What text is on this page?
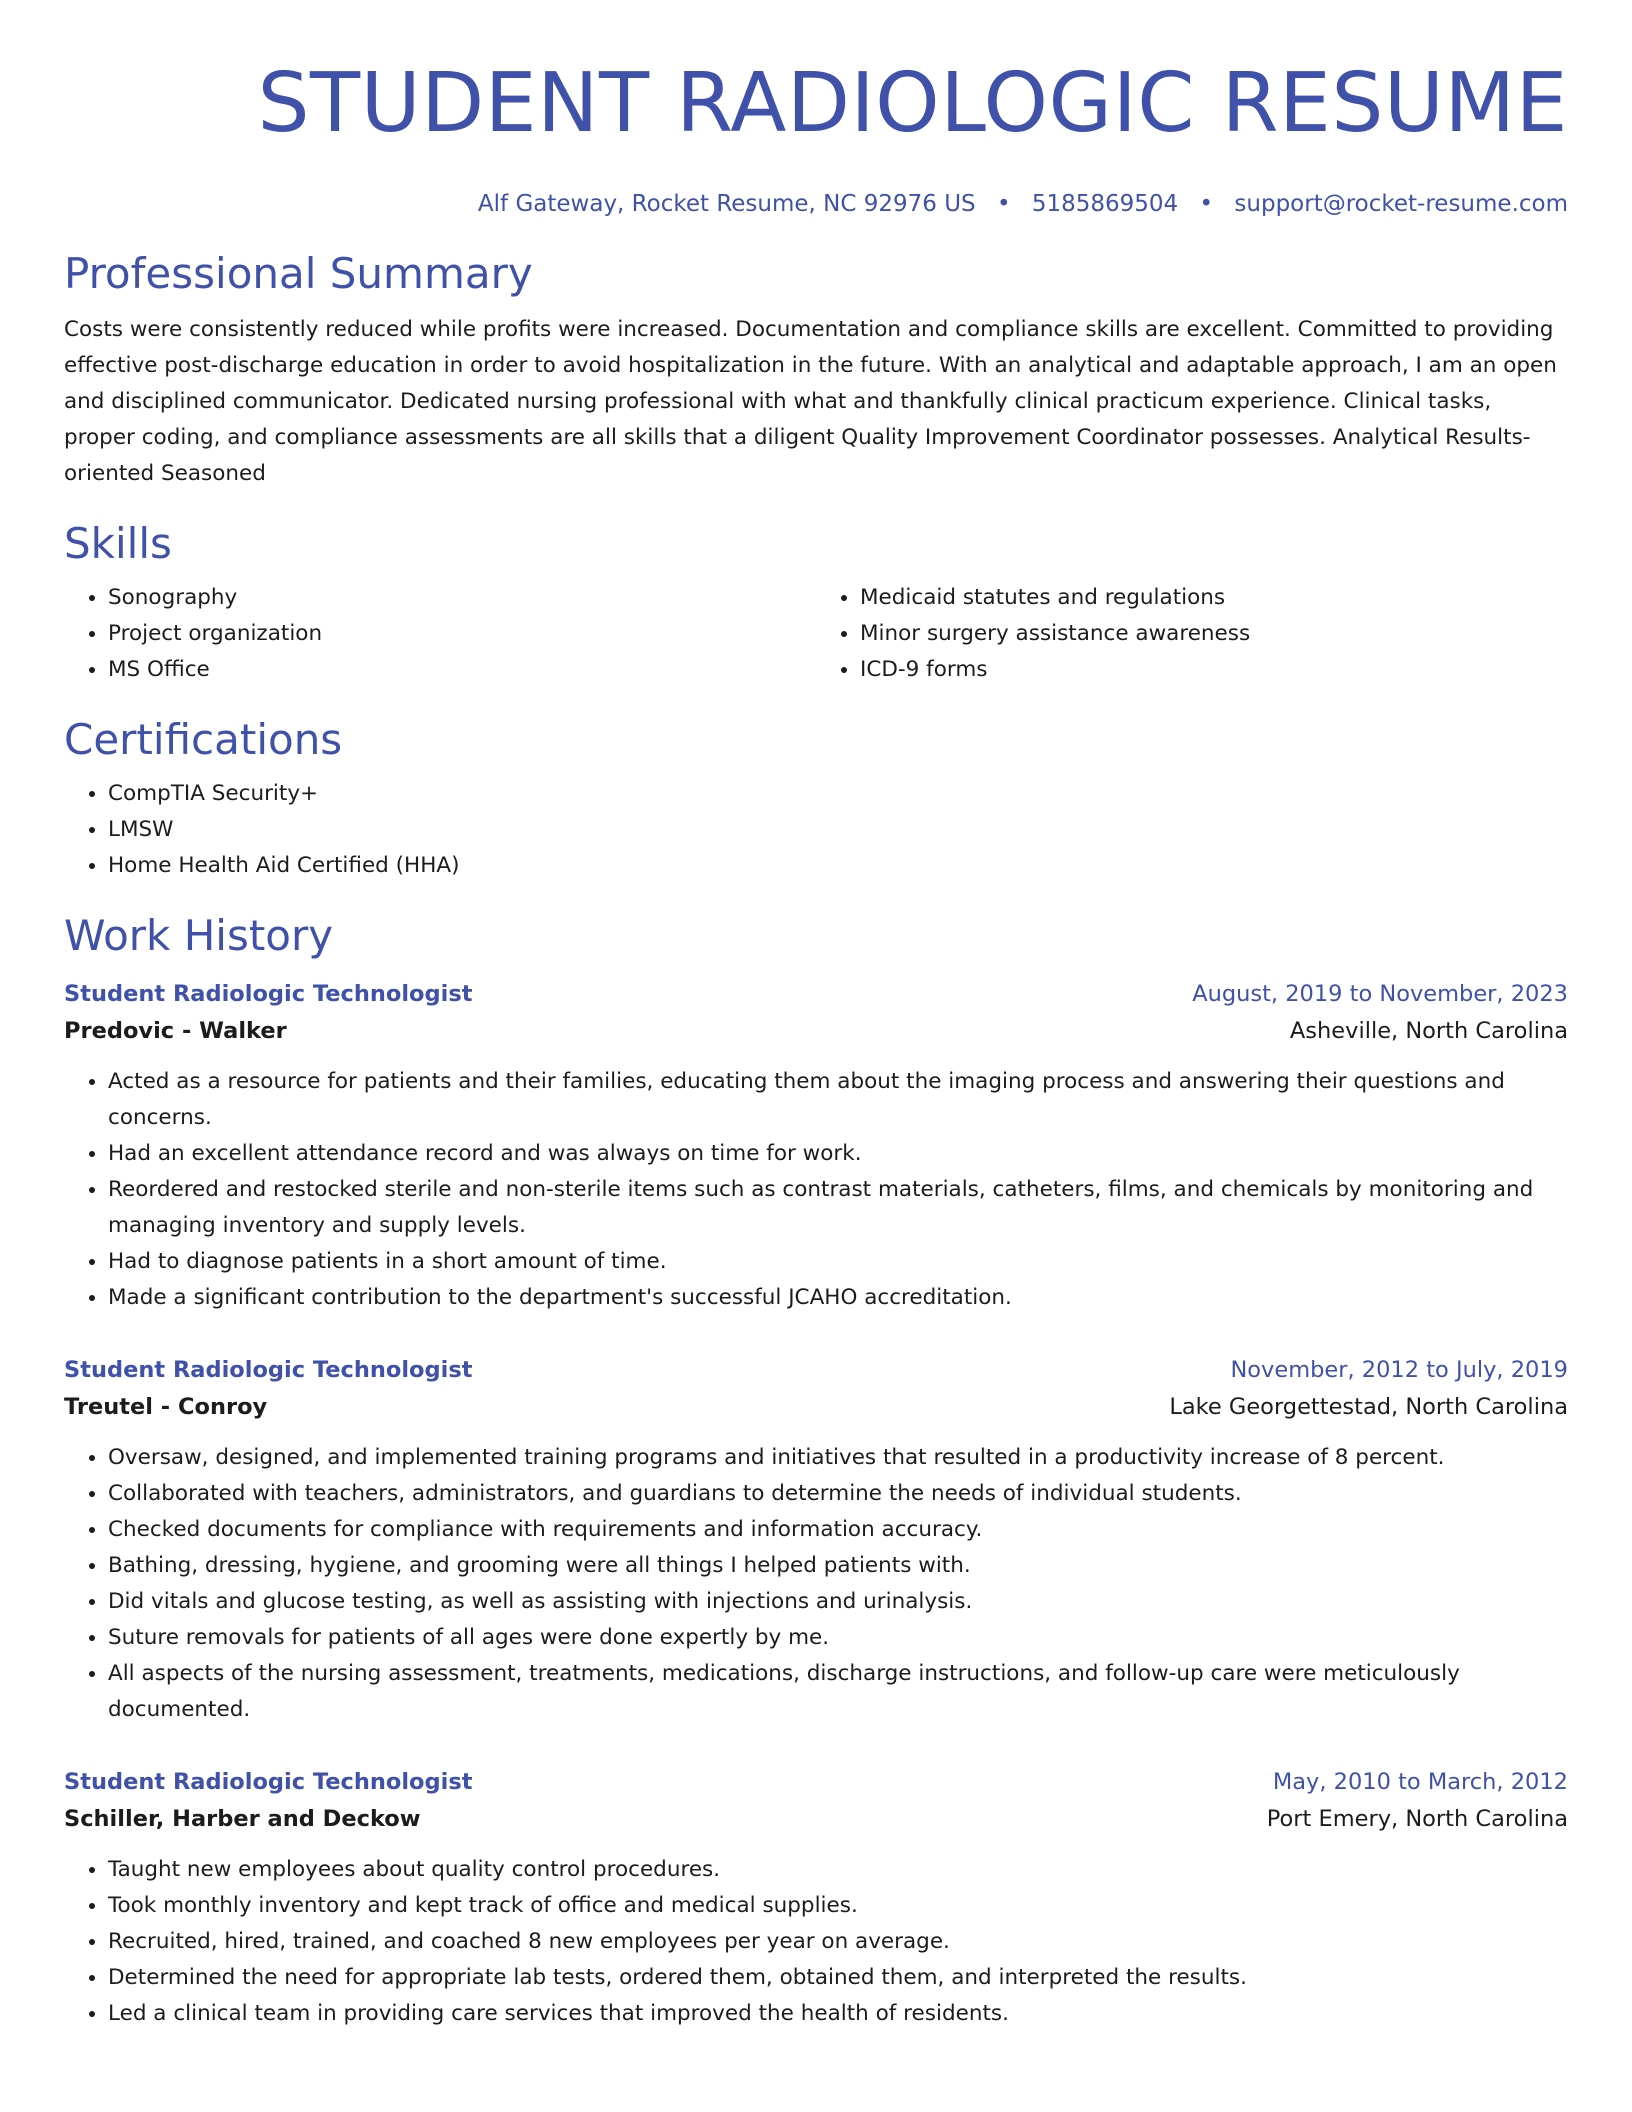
STUDENT RADIOLOGIC RESUME
Alf Gateway, Rocket Resume, NC 92976 US • 5185869504 • support@rocket-resume.com
Professional Summary

Costs were consistently reduced while profits were increased. Documentation and compliance skills are excellent. Committed to providing effective post-discharge education in order to avoid hospitalization in the future. With an analytical and adaptable approach, I am an open and disciplined communicator. Dedicated nursing professional with what and thankfully clinical practicum experience. Clinical tasks, proper coding, and compliance assessments are all skills that a diligent Quality Improvement Coordinator possesses. Analytical Results-oriented Seasoned

Skills
• Sonography
• Project organization
• MS Office
• Medicaid statutes and regulations
• Minor surgery assistance awareness
• ICD-9 forms
Certifications
• CompTIA Security+
• LMSW
• Home Health Aid Certified (HHA)
Work History
Student Radiologic Technologist	August, 2019 to November, 2023
Predovic - Walker	Asheville, North Carolina
• Acted as a resource for patients and their families, educating them about the imaging process and answering their questions and concerns.
• Had an excellent attendance record and was always on time for work.
• Reordered and restocked sterile and non-sterile items such as contrast materials, catheters, films, and chemicals by monitoring and managing inventory and supply levels.
• Had to diagnose patients in a short amount of time.
• Made a significant contribution to the department's successful JCAHO accreditation.
Student Radiologic Technologist	November, 2012 to July, 2019
Treutel - Conroy	Lake Georgettestad, North Carolina
• Oversaw, designed, and implemented training programs and initiatives that resulted in a productivity increase of 8 percent.
• Collaborated with teachers, administrators, and guardians to determine the needs of individual students.
• Checked documents for compliance with requirements and information accuracy.
• Bathing, dressing, hygiene, and grooming were all things I helped patients with.
• Did vitals and glucose testing, as well as assisting with injections and urinalysis.
• Suture removals for patients of all ages were done expertly by me.
• All aspects of the nursing assessment, treatments, medications, discharge instructions, and follow-up care were meticulously documented.
Student Radiologic Technologist	May, 2010 to March, 2012
Schiller, Harber and Deckow	Port Emery, North Carolina
• Taught new employees about quality control procedures.
• Took monthly inventory and kept track of office and medical supplies.
• Recruited, hired, trained, and coached 8 new employees per year on average.
• Determined the need for appropriate lab tests, ordered them, obtained them, and interpreted the results.
• Led a clinical team in providing care services that improved the health of residents.
